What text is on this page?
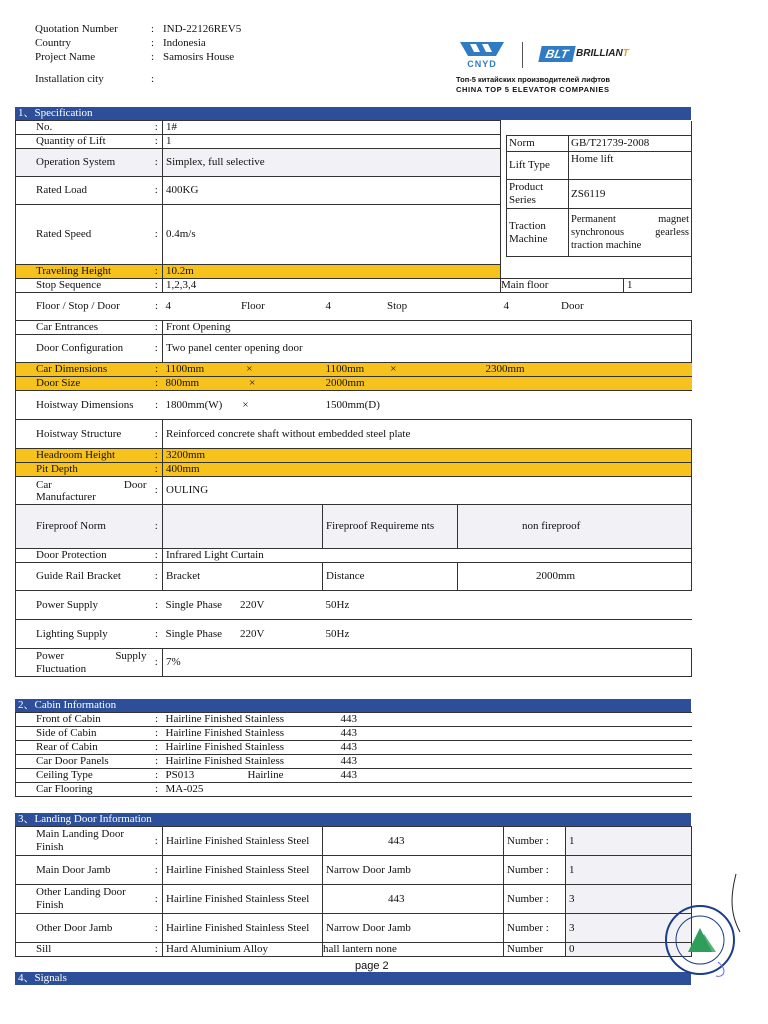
Quotation Number	: IND-22126REV5
Country	: Indonesia
Project Name	: Samosirs House
Installation city	:
CNYD
BLT BRILLIANT
Топ-5 китайских производителей лифтов
CHINA TOP 5 ELEVATOR COMPANIES
1、Specification
No.	:	1#				
Quantity of Lift	:	1				
Operation System	:	Simplex, full selective				
Rated Load	:	400KG				
Rated Speed	:	0.4m/s				
Traveling Height	:	10.2m				
Stop Sequence	:	1,2,3,4			Main floor	1
Floor / Stop / Door	:	4 Floor	4 Stop		4 Door	
Car Entrances	:	Front Opening				
Door Configuration	:	Two panel center opening door				
Car Dimensions	:	1100mm ×	1100mm ×		2300mm	
Door Size	:	800mm ×	2000mm			
Hoistway Dimensions	:	1800mm(W) ×	1500mm(D)			
Hoistway Structure	:	Reinforced concrete shaft without embedded steel plate				
Headroom Height	:	3200mm				
Pit Depth	:	400mm				

Car Door
Manufacturer	:	OULING				
Fireproof Norm	:		Fireproof Requireme nts	non fireproof		
Door Protection	:	Infrared Light Curtain				
Guide Rail Bracket	:	Bracket	Distance	2000mm		
Power Supply	:	Single Phase 220V	50Hz			
Lighting Supply	:	Single Phase 220V	50Hz			

Power Supply
Fluctuation	:	7%				
Norm	GB/T21739-2008
Lift Type	Home lift
Product Series	ZS6119
Traction Machine	Permanent magnet synchronous gearless traction machine
2、Cabin Information
Front of Cabin	:	Hairline Finished Stainless	443
Side of Cabin	:	Hairline Finished Stainless	443
Rear of Cabin	:	Hairline Finished Stainless	443
Car Door Panels	:	Hairline Finished Stainless	443
Ceiling Type	:	PS013	Hairline 443
Car Flooring	:	MA-025	
3、Landing Door Information
Main Landing Door Finish	:	Hairline Finished Stainless Steel	443	Number :	1
Main Door Jamb	:	Hairline Finished Stainless Steel	Narrow Door Jamb	Number :	1
Other Landing Door Finish	:	Hairline Finished Stainless Steel	443	Number :	3
Other Door Jamb	:	Hairline Finished Stainless Steel	Narrow Door Jamb	Number :	3
Sill	:	Hard Aluminium Alloy	hall lantern none	Number	0
4、Signals
page 2
